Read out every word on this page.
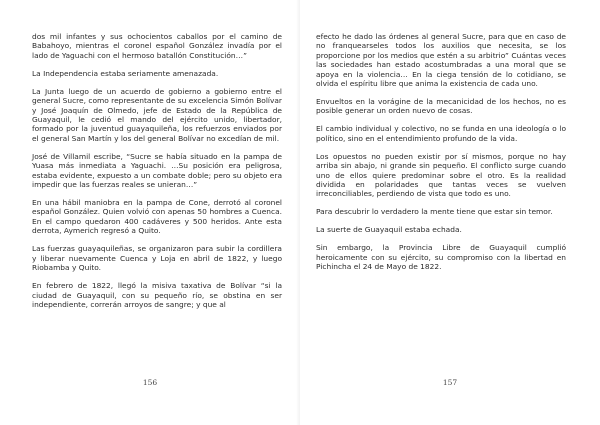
dos mil infantes y sus ochocientos caballos por el camino de Babahoyo, mientras el coronel español González invadía por el lado de Yaguachi con el hermoso batallón Constitución…”

La Independencia estaba seriamente amenazada.

La Junta luego de un acuerdo de gobierno a gobierno entre el general Sucre, como representante de su excelencia Simón Bolívar y José Joaquín de Olmedo, jefe de Estado de la República de Guayaquil, le cedió el mando del ejército unido, libertador, formado por la juventud guayaquileña, los refuerzos enviados por el general San Martín y los del general Bolívar no excedían de mil.

José de Villamil escribe, “Sucre se había situado en la pampa de Yuasa más inmediata a Yaguachi. …Su posición era peligrosa, estaba evidente, expuesto a un combate doble; pero su objeto era impedir que las fuerzas reales se unieran…”

En una hábil maniobra en la pampa de Cone, derrotó al coronel español González. Quien volvió con apenas 50 hombres a Cuenca. En el campo quedaron 400 cadáveres y 500 heridos. Ante esta derrota, Aymerich regresó a Quito.

Las fuerzas guayaquileñas, se organizaron para subir la cordillera y liberar nuevamente Cuenca y Loja en abril de 1822, y luego Riobamba y Quito.

En febrero de 1822, llegó la misiva taxativa de Bolívar “si la ciudad de Guayaquil, con su pequeño río, se obstina en ser independiente, correrán arroyos de sangre; y que al

156

efecto he dado las órdenes al general Sucre, para que en caso de no franquearseles todos los auxilios que necesita, se los proporcione por los medios que estén a su arbitrio” Cuántas veces las sociedades han estado acostumbradas a una moral que se apoya en la violencia… En la ciega tensión de lo cotidiano, se olvida el espíritu libre que anima la existencia de cada uno.

Envueltos en la vorágine de la mecanicidad de los hechos, no es posible generar un orden nuevo de cosas.

El cambio individual y colectivo, no se funda en una ideología o lo político, sino en el entendimiento profundo de la vida.

Los opuestos no pueden existir por sí mismos, porque no hay arriba sin abajo, ni grande sin pequeño. El conflicto surge cuando uno de ellos quiere predominar sobre el otro. Es la realidad dividida en polaridades que tantas veces se vuelven irreconciliables, perdiendo de vista que todo es uno.

Para descubrir lo verdadero la mente tiene que estar sin temor.

La suerte de Guayaquil estaba echada.

Sin embargo, la Provincia Libre de Guayaquil cumplió heroicamente con su ejército, su compromiso con la libertad en Pichincha el 24 de Mayo de 1822.

157
